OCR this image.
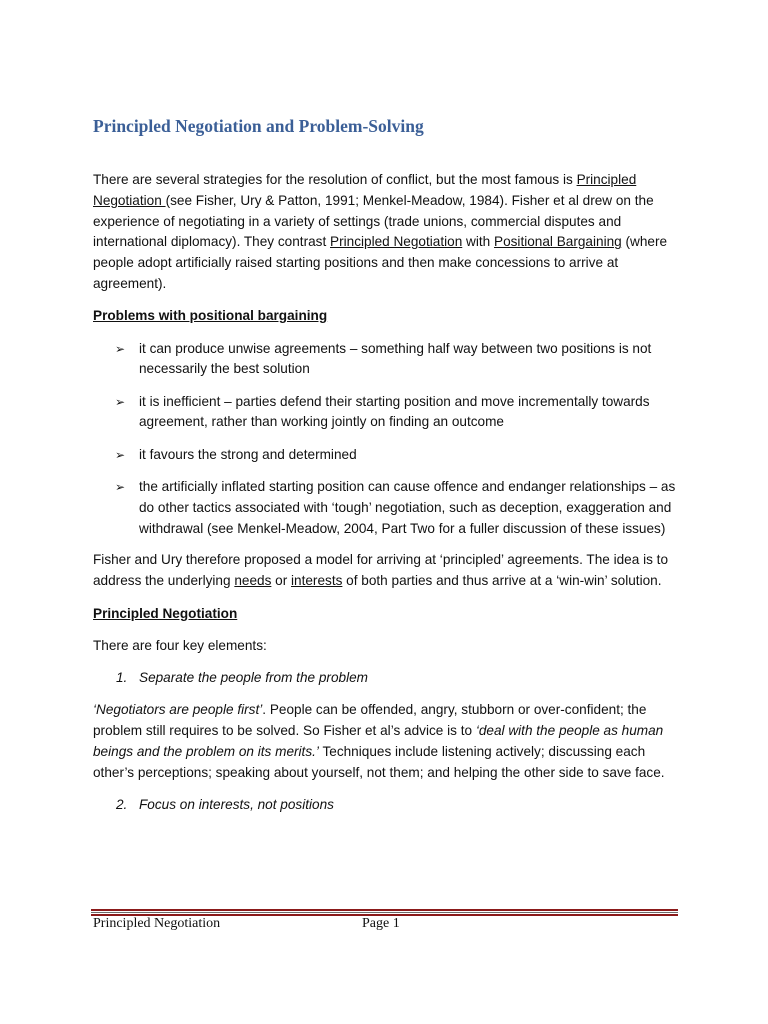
Principled Negotiation and Problem-Solving

There are several strategies for the resolution of conflict, but the most famous is Principled Negotiation (see Fisher, Ury & Patton, 1991; Menkel-Meadow, 1984). Fisher et al drew on the experience of negotiating in a variety of settings (trade unions, commercial disputes and international diplomacy). They contrast Principled Negotiation with Positional Bargaining (where people adopt artificially raised starting positions and then make concessions to arrive at agreement).

Problems with positional bargaining

➢ it can produce unwise agreements – something half way between two positions is not necessarily the best solution
➢ it is inefficient – parties defend their starting position and move incrementally towards agreement, rather than working jointly on finding an outcome
➢ it favours the strong and determined
➢ the artificially inflated starting position can cause offence and endanger relationships – as do other tactics associated with ‘tough’ negotiation, such as deception, exaggeration and withdrawal (see Menkel-Meadow, 2004, Part Two for a fuller discussion of these issues)

Fisher and Ury therefore proposed a model for arriving at ‘principled’ agreements. The idea is to address the underlying needs or interests of both parties and thus arrive at a ‘win-win’ solution.

Principled Negotiation

There are four key elements:

1. Separate the people from the problem

‘Negotiators are people first’. People can be offended, angry, stubborn or over-confident; the problem still requires to be solved. So Fisher et al’s advice is to ‘deal with the people as human beings and the problem on its merits.’ Techniques include listening actively; discussing each other’s perceptions; speaking about yourself, not them; and helping the other side to save face.

2. Focus on interests, not positions
Principled Negotiation	Page 1
